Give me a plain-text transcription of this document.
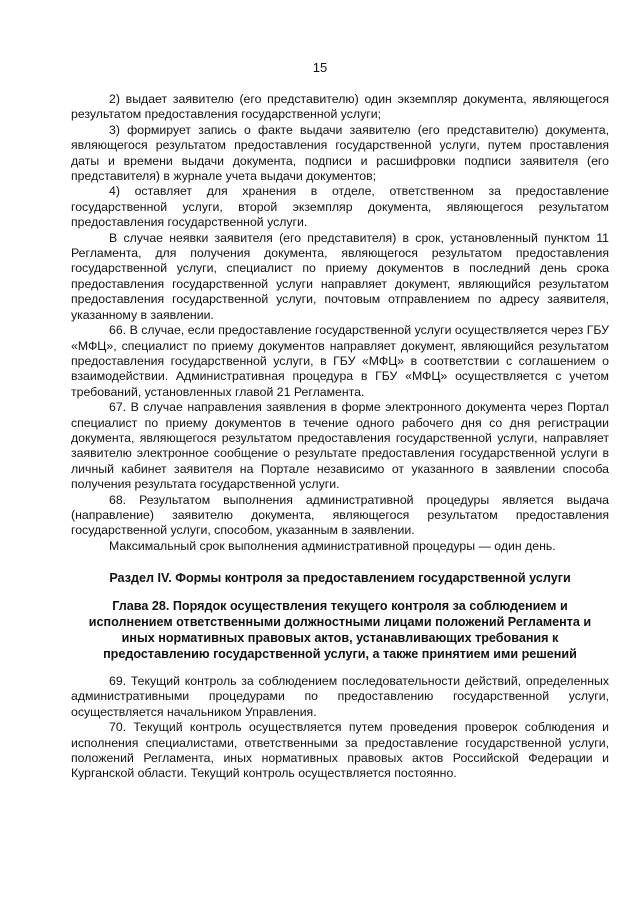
15

2) выдает заявителю (его представителю) один экземпляр документа, являющегося результатом предоставления государственной услуги;

3) формирует запись о факте выдачи заявителю (его представителю) документа, являющегося результатом предоставления государственной услуги, путем проставления даты и времени выдачи документа, подписи и расшифровки подписи заявителя (его представителя) в журнале учета выдачи документов;

4) оставляет для хранения в отделе, ответственном за предоставление государственной услуги, второй экземпляр документа, являющегося результатом предоставления государственной услуги.

В случае неявки заявителя (его представителя) в срок, установленный пунктом 11 Регламента, для получения документа, являющегося результатом предоставления государственной услуги, специалист по приему документов в последний день срока предоставления государственной услуги направляет документ, являющийся результатом предоставления государственной услуги, почтовым отправлением по адресу заявителя, указанному в заявлении.

66. В случае, если предоставление государственной услуги осуществляется через ГБУ «МФЦ», специалист по приему документов направляет документ, являющийся результатом предоставления государственной услуги, в ГБУ «МФЦ» в соответствии с соглашением о взаимодействии. Административная процедура в ГБУ «МФЦ» осуществляется с учетом требований, установленных главой 21 Регламента.

67. В случае направления заявления в форме электронного документа через Портал специалист по приему документов в течение одного рабочего дня со дня регистрации документа, являющегося результатом предоставления государственной услуги, направляет заявителю электронное сообщение о результате предоставления государственной услуги в личный кабинет заявителя на Портале независимо от указанного в заявлении способа получения результата государственной услуги.

68. Результатом выполнения административной процедуры является выдача (направление) заявителю документа, являющегося результатом предоставления государственной услуги, способом, указанным в заявлении.

Максимальный срок выполнения административной процедуры — один день.

Раздел IV. Формы контроля за предоставлением государственной услуги
Глава 28. Порядок осуществления текущего контроля за соблюдением и исполнением ответственными должностными лицами положений Регламента и иных нормативных правовых актов, устанавливающих требования к предоставлению государственной услуги, а также принятием ими решений

69. Текущий контроль за соблюдением последовательности действий, определенных административными процедурами по предоставлению государственной услуги, осуществляется начальником Управления.

70. Текущий контроль осуществляется путем проведения проверок соблюдения и исполнения специалистами, ответственными за предоставление государственной услуги, положений Регламента, иных нормативных правовых актов Российской Федерации и Курганской области. Текущий контроль осуществляется постоянно.
